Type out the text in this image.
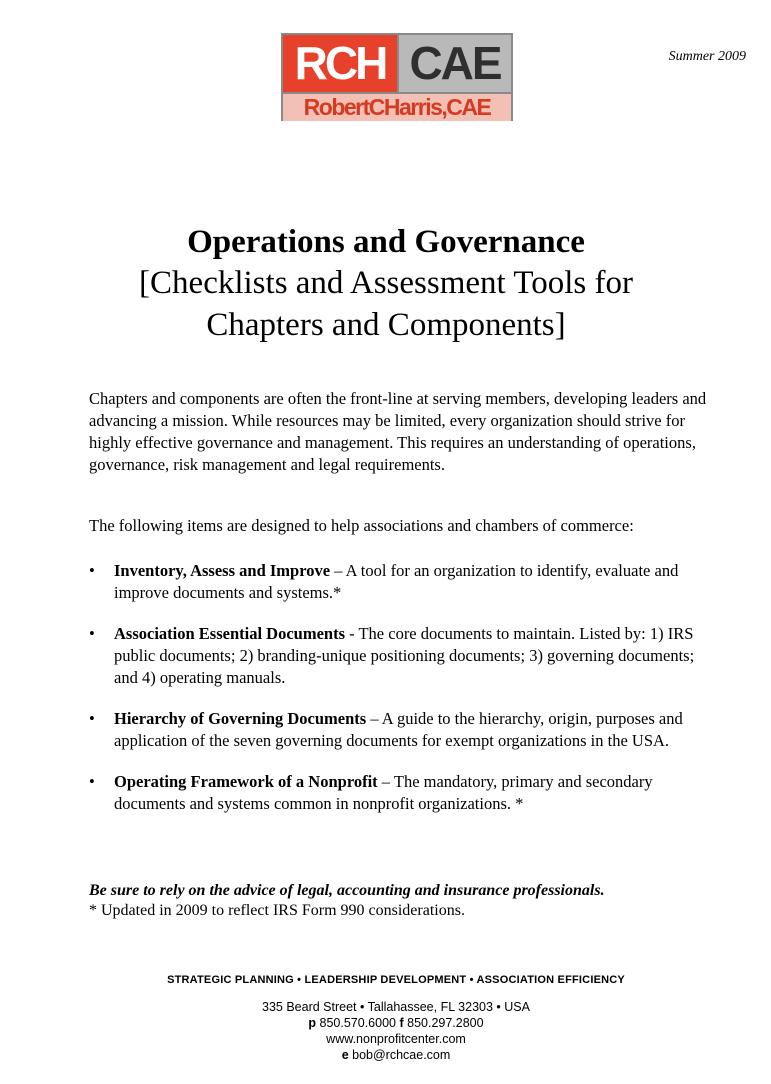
RCH CAE
RobertCHarris,CAE
Summer 2009
Operations and Governance
[Checklists and Assessment Tools for
Chapters and Components]

Chapters and components are often the front-line at serving members, developing leaders and advancing a mission. While resources may be limited, every organization should strive for highly effective governance and management. This requires an understanding of operations, governance, risk management and legal requirements.

The following items are designed to help associations and chambers of commerce:

• Inventory, Assess and Improve – A tool for an organization to identify, evaluate and improve documents and systems.*
• Association Essential Documents - The core documents to maintain. Listed by: 1) IRS public documents; 2) branding-unique positioning documents; 3) governing documents; and 4) operating manuals.
• Hierarchy of Governing Documents – A guide to the hierarchy, origin, purposes and application of the seven governing documents for exempt organizations in the USA.
• Operating Framework of a Nonprofit – The mandatory, primary and secondary documents and systems common in nonprofit organizations. *
Be sure to rely on the advice of legal, accounting and insurance professionals.
* Updated in 2009 to reflect IRS Form 990 considerations.
STRATEGIC PLANNING • LEADERSHIP DEVELOPMENT • ASSOCIATION EFFICIENCY
335 Beard Street • Tallahassee, FL 32303 • USA
p 850.570.6000 f 850.297.2800
www.nonprofitcenter.com
e bob@rchcae.com
